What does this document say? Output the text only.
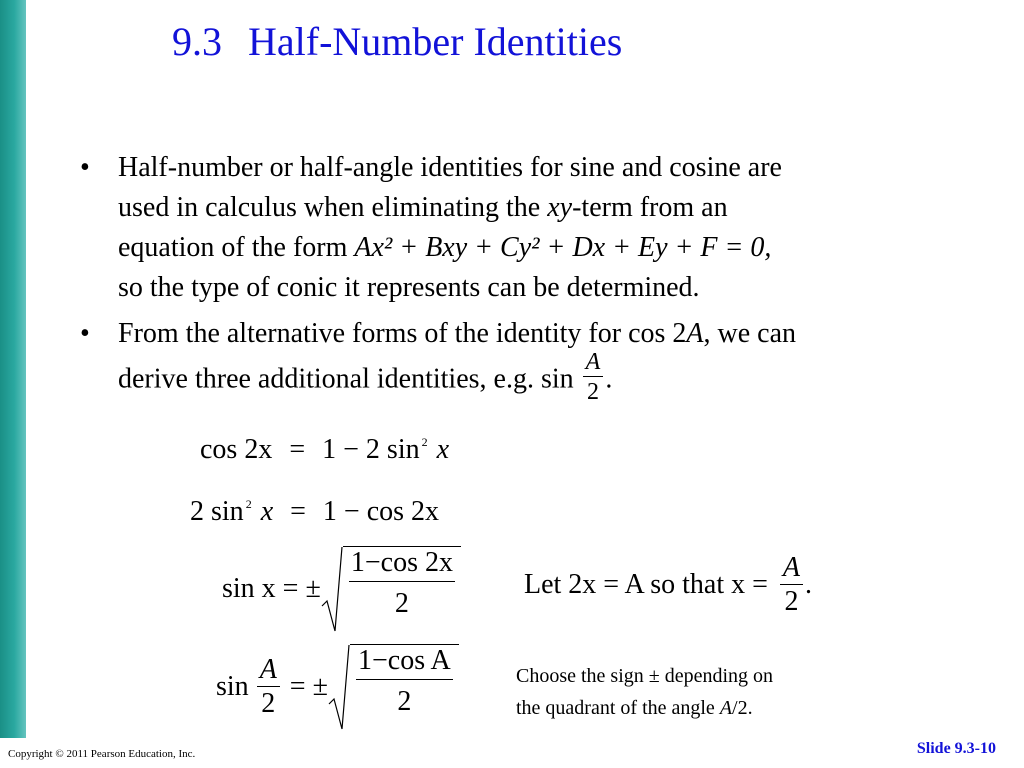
9.3 Half-Number Identities
• Half-number or half-angle identities for sine and cosine are
used in calculus when eliminating the xy-term from an
equation of the form Ax² + Bxy + Cy² + Dx + Ey + F = 0,
so the type of conic it represents can be determined.
• From the alternative forms of the identity for cos 2A, we can
derive three additional identities, e.g. $\sin \frac{A}{2}$ .
cos 2x = 1 − 2 sin $^2$ x
2 sin $^2$ x = 1 − cos 2x
sin x = ± $\frac{1-\cos 2x}{2}$ Let 2x = A so that $x = \frac{A}{2}$ .
$\sin \frac{A}{2}$ = ± $\frac{\text{1−cos A}}{2}$	Choose the sign ± depending on
the quadrant of the angle A/2.
Copyright © 2011 Pearson Education, Inc.	Slide 9.3-10
